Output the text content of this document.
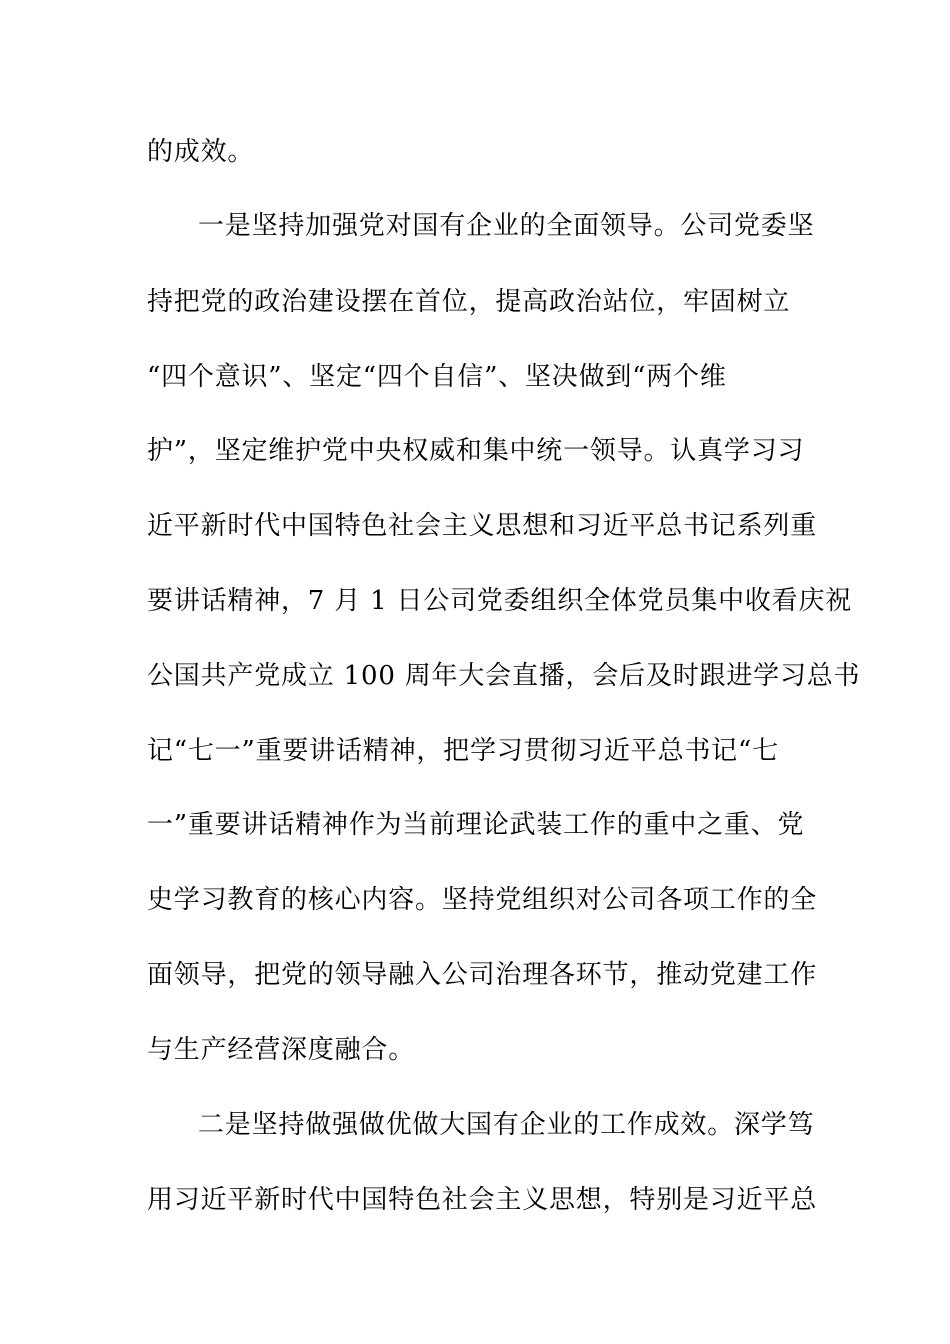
的成效。
一是坚持加强党对国有企业的全面领导。公司党委坚
持把党的政治建设摆在首位，提高政治站位，牢固树立
“四个意识”、坚定“四个自信”、坚决做到“两个维
护”，坚定维护党中央权威和集中统一领导。认真学习习
近平新时代中国特色社会主义思想和习近平总书记系列重
要讲话精神，7 月 1 日公司党委组织全体党员集中收看庆祝
公国共产党成立 100 周年大会直播，会后及时跟进学习总书
记“七一”重要讲话精神，把学习贯彻习近平总书记“七
一”重要讲话精神作为当前理论武装工作的重中之重、党
史学习教育的核心内容。坚持党组织对公司各项工作的全
面领导，把党的领导融入公司治理各环节，推动党建工作
与生产经营深度融合。
二是坚持做强做优做大国有企业的工作成效。深学笃
用习近平新时代中国特色社会主义思想，特别是习近平总
